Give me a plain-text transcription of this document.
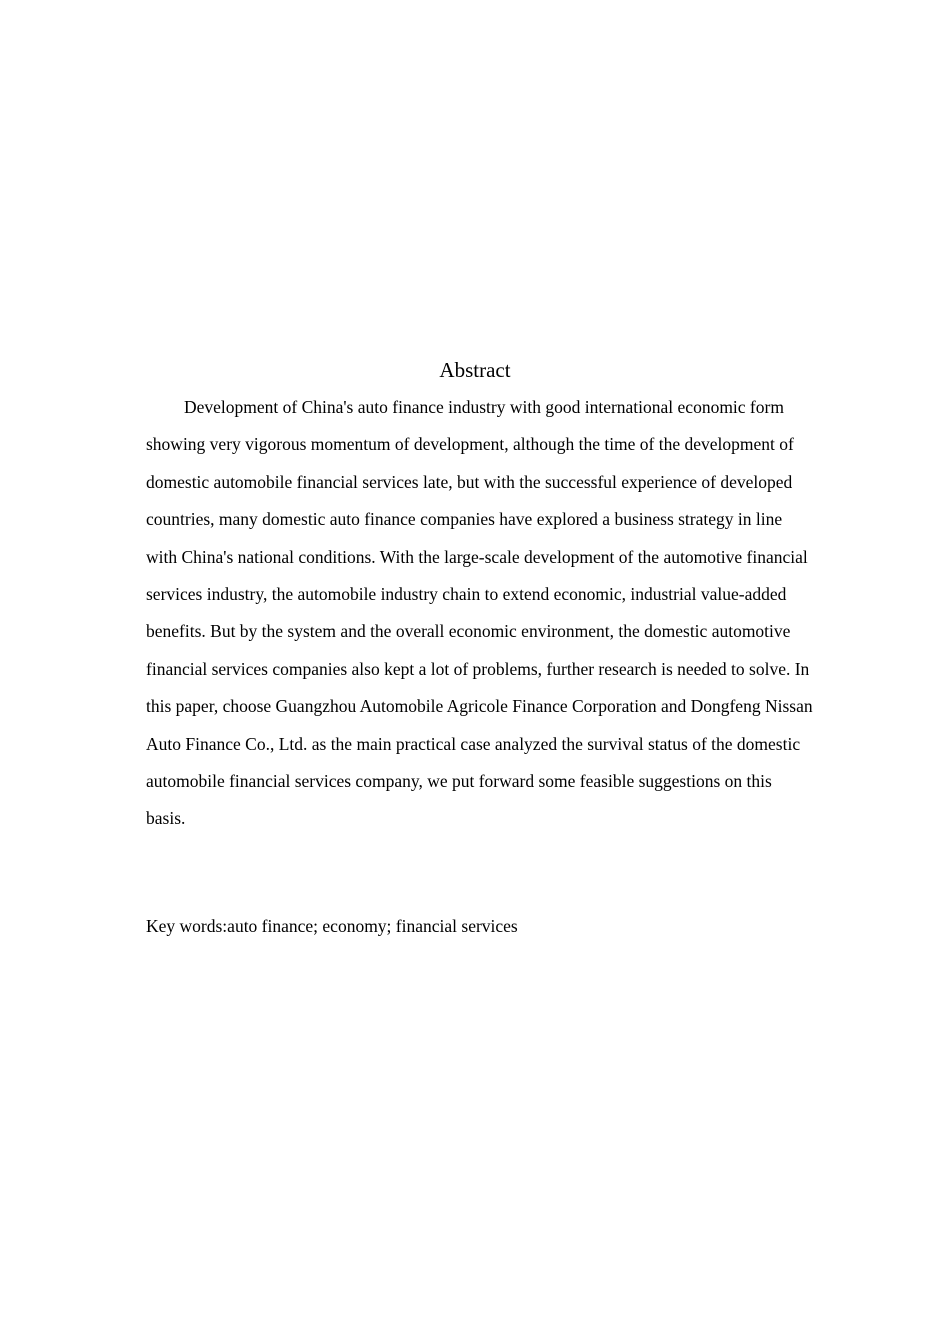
Abstract

Development of China's auto finance industry with good international economic form showing very vigorous momentum of development, although the time of the development of domestic automobile financial services late, but with the successful experience of developed countries, many domestic auto finance companies have explored a business strategy in line with China's national conditions. With the large-scale development of the automotive financial services industry, the automobile industry chain to extend economic, industrial value-added benefits. But by the system and the overall economic environment, the domestic automotive financial services companies also kept a lot of problems, further research is needed to solve. In this paper, choose Guangzhou Automobile Agricole Finance Corporation and Dongfeng Nissan Auto Finance Co., Ltd. as the main practical case analyzed the survival status of the domestic automobile financial services company, we put forward some feasible suggestions on this basis.

Key words:auto finance; economy; financial services
